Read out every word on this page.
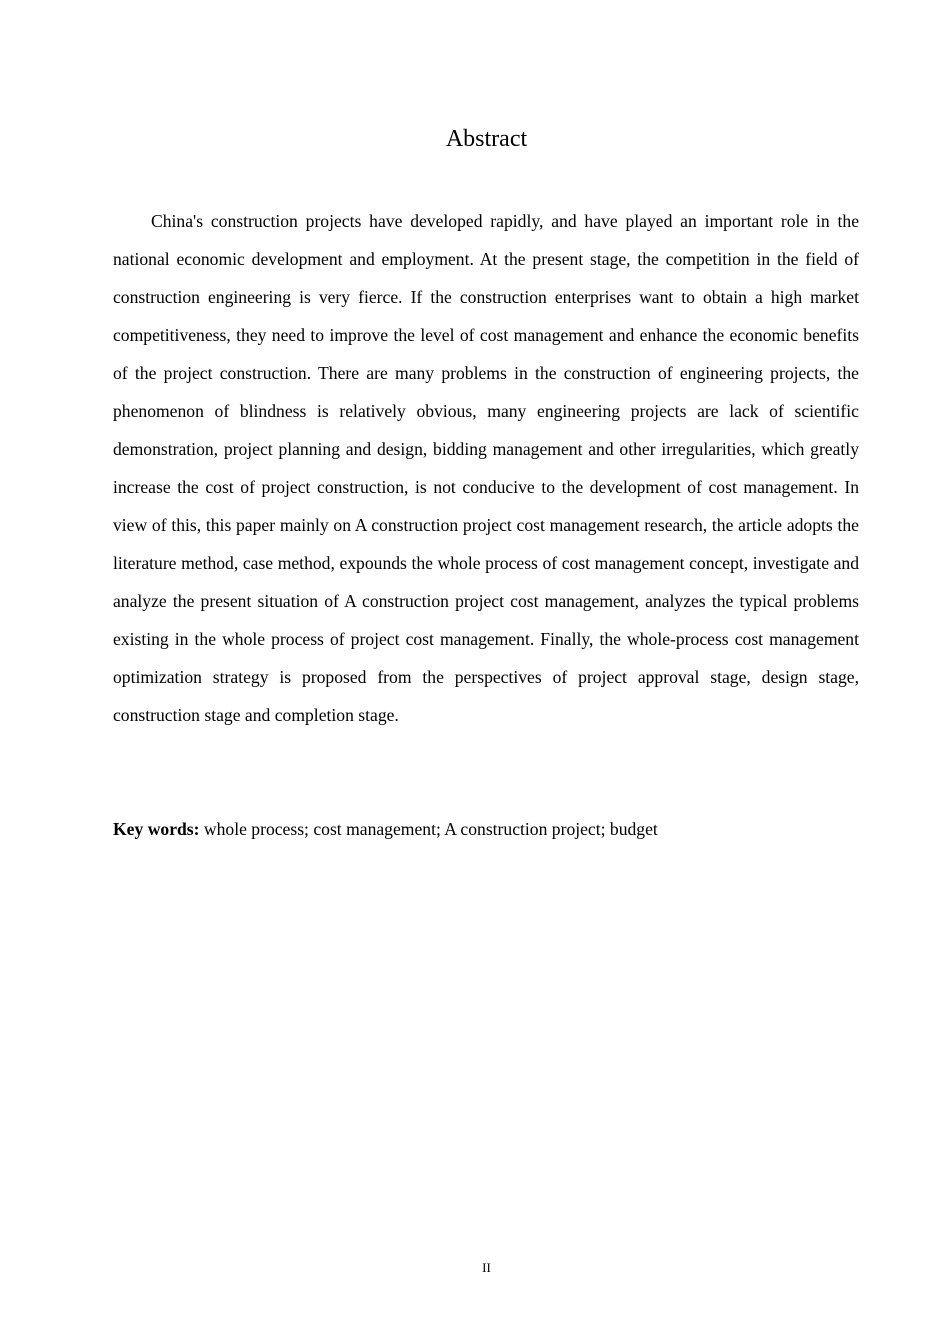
Abstract

China's construction projects have developed rapidly, and have played an important role in the national economic development and employment. At the present stage, the competition in the field of construction engineering is very fierce. If the construction enterprises want to obtain a high market competitiveness, they need to improve the level of cost management and enhance the economic benefits of the project construction. There are many problems in the construction of engineering projects, the phenomenon of blindness is relatively obvious, many engineering projects are lack of scientific demonstration, project planning and design, bidding management and other irregularities, which greatly increase the cost of project construction, is not conducive to the development of cost management. In view of this, this paper mainly on A construction project cost management research, the article adopts the literature method, case method, expounds the whole process of cost management concept, investigate and analyze the present situation of A construction project cost management, analyzes the typical problems existing in the whole process of project cost management. Finally, the whole-process cost management optimization strategy is proposed from the perspectives of project approval stage, design stage, construction stage and completion stage.

Key words: whole process; cost management; A construction project; budget

II
